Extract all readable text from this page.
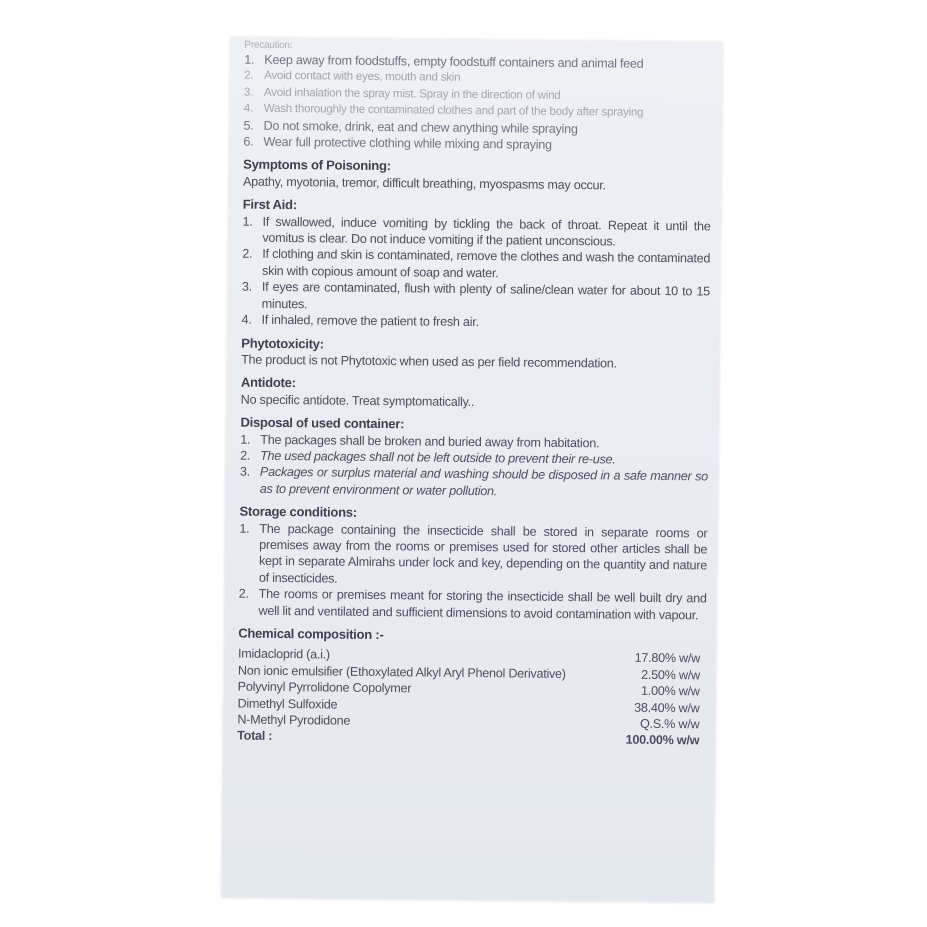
Precaution:
1. Keep away from foodstuffs, empty foodstuff containers and animal feed
2. Avoid contact with eyes, mouth and skin
3. Avoid inhalation the spray mist. Spray in the direction of wind
4. Wash thoroughly the contaminated clothes and part of the body after spraying
5. Do not smoke, drink, eat and chew anything while spraying
6. Wear full protective clothing while mixing and spraying
Symptoms of Poisoning:
Apathy, myotonia, tremor, difficult breathing, myospasms may occur.
First Aid:
1. If swallowed, induce vomiting by tickling the back of throat. Repeat it until the vomitus is clear. Do not induce vomiting if the patient unconscious.
2. If clothing and skin is contaminated, remove the clothes and wash the contaminated skin with copious amount of soap and water.
3. If eyes are contaminated, flush with plenty of saline/clean water for about 10 to 15 minutes.
4. If inhaled, remove the patient to fresh air.
Phytotoxicity:
The product is not Phytotoxic when used as per field recommendation.
Antidote:
No specific antidote. Treat symptomatically..
Disposal of used container:
1. The packages shall be broken and buried away from habitation.
2. The used packages shall not be left outside to prevent their re-use.
3. Packages or surplus material and washing should be disposed in a safe manner so as to prevent environment or water pollution.
Storage conditions:
1. The package containing the insecticide shall be stored in separate rooms or premises away from the rooms or premises used for stored other articles shall be kept in separate Almirahs under lock and key, depending on the quantity and nature of insecticides.
2. The rooms or premises meant for storing the insecticide shall be well built dry and well lit and ventilated and sufficient dimensions to avoid contamination with vapour.
Chemical composition :-
Imidacloprid (a.i.)	17.80% w/w
Non ionic emulsifier (Ethoxylated Alkyl Aryl Phenol Derivative)	2.50% w/w
Polyvinyl Pyrrolidone Copolymer	1.00% w/w
Dimethyl Sulfoxide	38.40% w/w
N-Methyl Pyrodidone	Q.S.% w/w
Total :	100.00% w/w
